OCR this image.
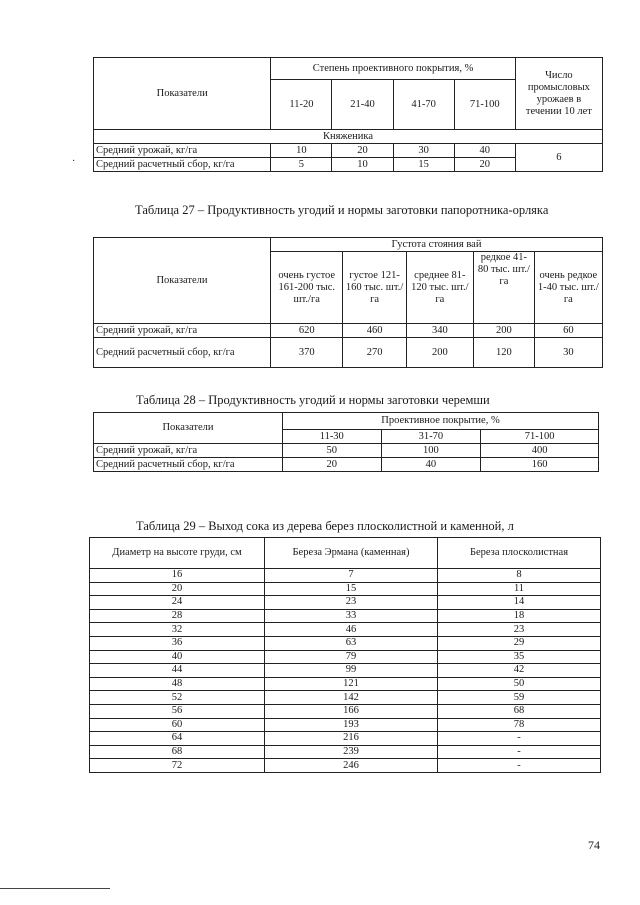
Показатели	Степень проективного покрытия, %				Число промысловых урожаев в течении 10 лет
	11-20	21-40	41-70	71-100	
Княженика					
Средний урожай, кг/га	10	20	30	40	6
Средний расчетный сбор, кг/га	5	10	15	20	
·
Таблица 27 – Продуктивность угодий и нормы заготовки папоротника-орляка
Показатели	Густота стояния вай				
	очень густое 161-200 тыс. шт./га	густое 121-160 тыс. шт./га	среднее 81-120 тыс. шт./га	редкое 41-80 тыс. шт./га	очень редкое 1-40 тыс. шт./га
Средний урожай, кг/га	620	460	340	200	60
Средний расчетный сбор, кг/га	370	270	200	120	30
Таблица 28 – Продуктивность угодий и нормы заготовки черемши
Показатели	Проективное покрытие, %		
	11-30	31-70	71-100
Средний урожай, кг/га	50	100	400
Средний расчетный сбор, кг/га	20	40	160
Таблица 29 – Выход сока из дерева берез плосколистной и каменной, л
Диаметр на высоте груди, см	Береза Эрмана (каменная)	Береза плосколистная
16	7	8
20	15	11
24	23	14
28	33	18
32	46	23
36	63	29
40	79	35
44	99	42
48	121	50
52	142	59
56	166	68
60	193	78
64	216	-
68	239	-
72	246	-
74
